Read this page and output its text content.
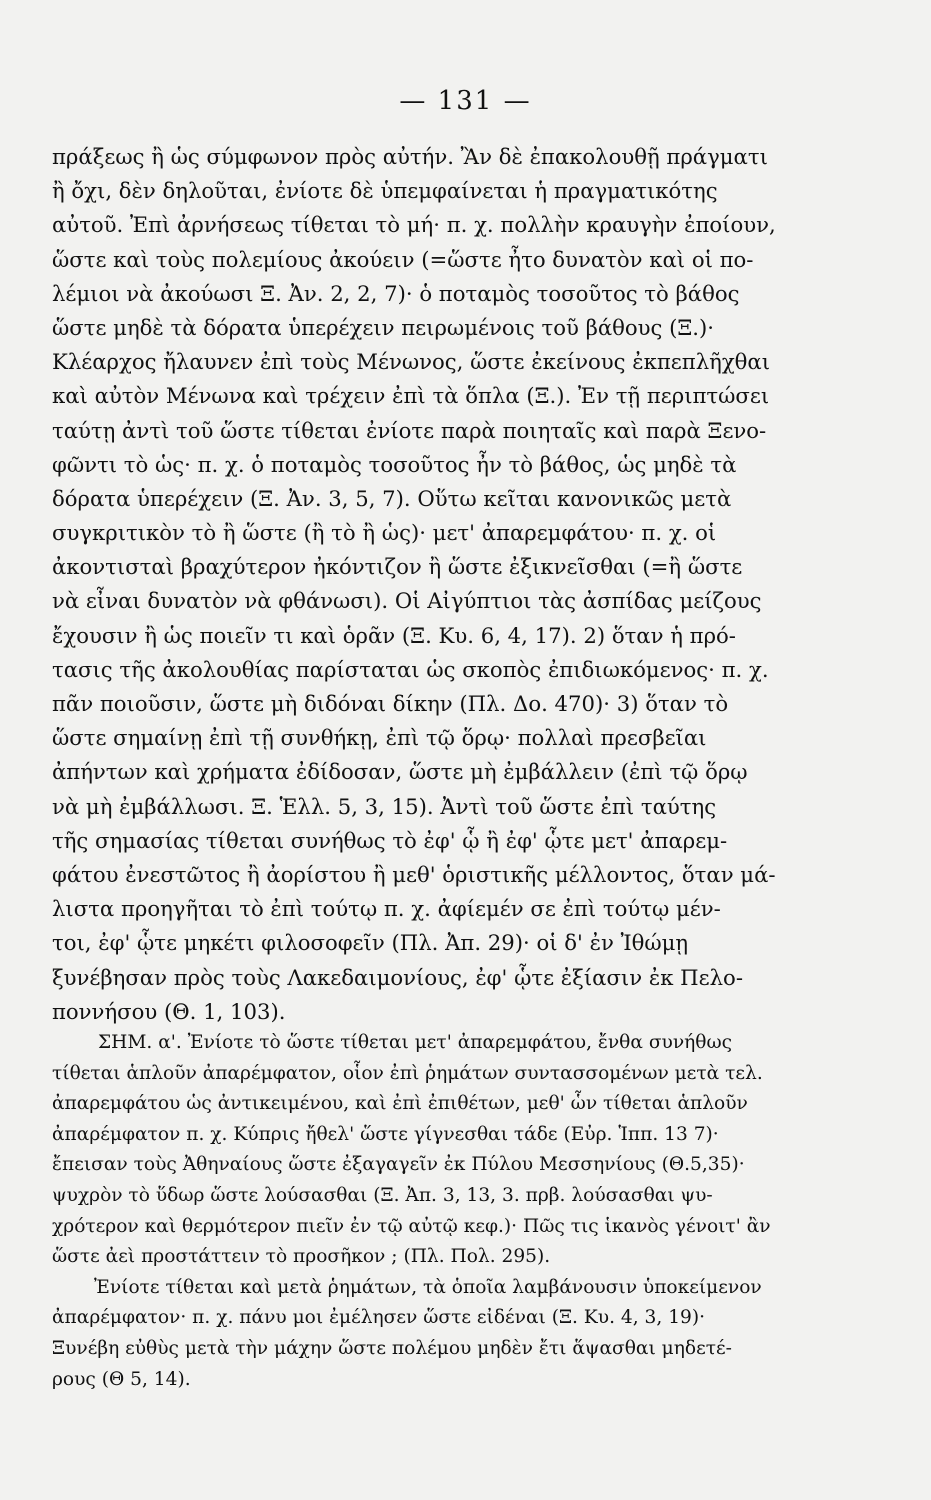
— 131 —
πράξεως ἢ ὡς σύμφωνον πρὸς αὐτήν. Ἂν δὲ ἐπακολουθῇ πράγματι
ἢ ὄχι, δὲν δηλοῦται, ἐνίοτε δὲ ὑπεμφαίνεται ἡ πραγματικότης
αὐτοῦ. Ἐπὶ ἀρνήσεως τίθεται τὸ μή· π. χ. πολλὴν κραυγὴν ἐποίουν,
ὥστε καὶ τοὺς πολεμίους ἀκούειν (=ὥστε ἦτο δυνατὸν καὶ οἱ πο-
λέμιοι νὰ ἀκούωσι Ξ. Ἀν. 2, 2, 7)· ὁ ποταμὸς τοσοῦτος τὸ βάθος
ὥστε μηδὲ τὰ δόρατα ὑπερέχειν πειρωμένοις τοῦ βάθους (Ξ.)·
Κλέαρχος ἤλαυνεν ἐπὶ τοὺς Μένωνος, ὥστε ἐκείνους ἐκπεπλῆχθαι
καὶ αὐτὸν Μένωνα καὶ τρέχειν ἐπὶ τὰ ὅπλα (Ξ.). Ἐν τῇ περιπτώσει
ταύτῃ ἀντὶ τοῦ ὥστε τίθεται ἐνίοτε παρὰ ποιηταῖς καὶ παρὰ Ξενο-
φῶντι τὸ ὡς· π. χ. ὁ ποταμὸς τοσοῦτος ἦν τὸ βάθος, ὡς μηδὲ τὰ
δόρατα ὑπερέχειν (Ξ. Ἀν. 3, 5, 7). Οὕτω κεῖται κανονικῶς μετὰ
συγκριτικὸν τὸ ἢ ὥστε (ἢ τὸ ἢ ὡς)· μετ' ἀπαρεμφάτου· π. χ. οἱ
ἀκοντισταὶ βραχύτερον ἠκόντιζον ἢ ὥστε ἐξικνεῖσθαι (=ἢ ὥστε
νὰ εἶναι δυνατὸν νὰ φθάνωσι). Οἱ Αἰγύπτιοι τὰς ἀσπίδας μείζους
ἔχουσιν ἢ ὡς ποιεῖν τι καὶ ὁρᾶν (Ξ. Κυ. 6, 4, 17). 2) ὅταν ἡ πρό-
τασις τῆς ἀκολουθίας παρίσταται ὡς σκοπὸς ἐπιδιωκόμενος· π. χ.
πᾶν ποιοῦσιν, ὥστε μὴ διδόναι δίκην (Πλ. Δο. 470)· 3) ὅταν τὸ
ὥστε σημαίνῃ ἐπὶ τῇ συνθήκῃ, ἐπὶ τῷ ὅρῳ· πολλαὶ πρεσβεῖαι
ἀπήντων καὶ χρήματα ἐδίδοσαν, ὥστε μὴ ἐμβάλλειν (ἐπὶ τῷ ὅρῳ
νὰ μὴ ἐμβάλλωσι. Ξ. Ἑλλ. 5, 3, 15). Ἀντὶ τοῦ ὥστε ἐπὶ ταύτης
τῆς σημασίας τίθεται συνήθως τὸ ἐφ' ᾧ ἢ ἐφ' ᾧτε μετ' ἀπαρεμ-
φάτου ἐνεστῶτος ἢ ἀορίστου ἢ μεθ' ὁριστικῆς μέλλοντος, ὅταν μά-
λιστα προηγῆται τὸ ἐπὶ τούτῳ π. χ. ἀφίεμέν σε ἐπὶ τούτῳ μέν-
τοι, ἐφ' ᾧτε μηκέτι φιλοσοφεῖν (Πλ. Ἀπ. 29)· οἱ δ' ἐν Ἰθώμῃ
ξυνέβησαν πρὸς τοὺς Λακεδαιμονίους, ἐφ' ᾧτε ἐξίασιν ἐκ Πελο-
ποννήσου (Θ. 1, 103).
ΣΗΜ. α'. Ἐνίοτε τὸ ὥστε τίθεται μετ' ἀπαρεμφάτου, ἔνθα συνήθως
τίθεται ἁπλοῦν ἀπαρέμφατον, οἷον ἐπὶ ῥημάτων συντασσομένων μετὰ τελ.
ἀπαρεμφάτου ὡς ἀντικειμένου, καὶ ἐπὶ ἐπιθέτων, μεθ' ὧν τίθεται ἁπλοῦν
ἀπαρέμφατον π. χ. Κύπρις ἤθελ' ὥστε γίγνεσθαι τάδε (Εὐρ. Ἱππ. 13 7)·
ἔπεισαν τοὺς Ἀθηναίους ὥστε ἐξαγαγεῖν ἐκ Πύλου Μεσσηνίους (Θ.5,35)·
ψυχρὸν τὸ ὕδωρ ὥστε λούσασθαι (Ξ. Ἀπ. 3, 13, 3. πρβ. λούσασθαι ψυ-
χρότερον καὶ θερμότερον πιεῖν ἐν τῷ αὐτῷ κεφ.)· Πῶς τις ἱκανὸς γένοιτ' ἂν
ὥστε ἀεὶ προστάττειν τὸ προσῆκον ; (Πλ. Πολ. 295).
Ἐνίοτε τίθεται καὶ μετὰ ῥημάτων, τὰ ὁποῖα λαμβάνουσιν ὑποκείμενον
ἀπαρέμφατον· π. χ. πάνυ μοι ἐμέλησεν ὥστε εἰδέναι (Ξ. Κυ. 4, 3, 19)·
Ξυνέβη εὐθὺς μετὰ τὴν μάχην ὥστε πολέμου μηδὲν ἔτι ἅψασθαι μηδετέ-
ρους (Θ 5, 14).
